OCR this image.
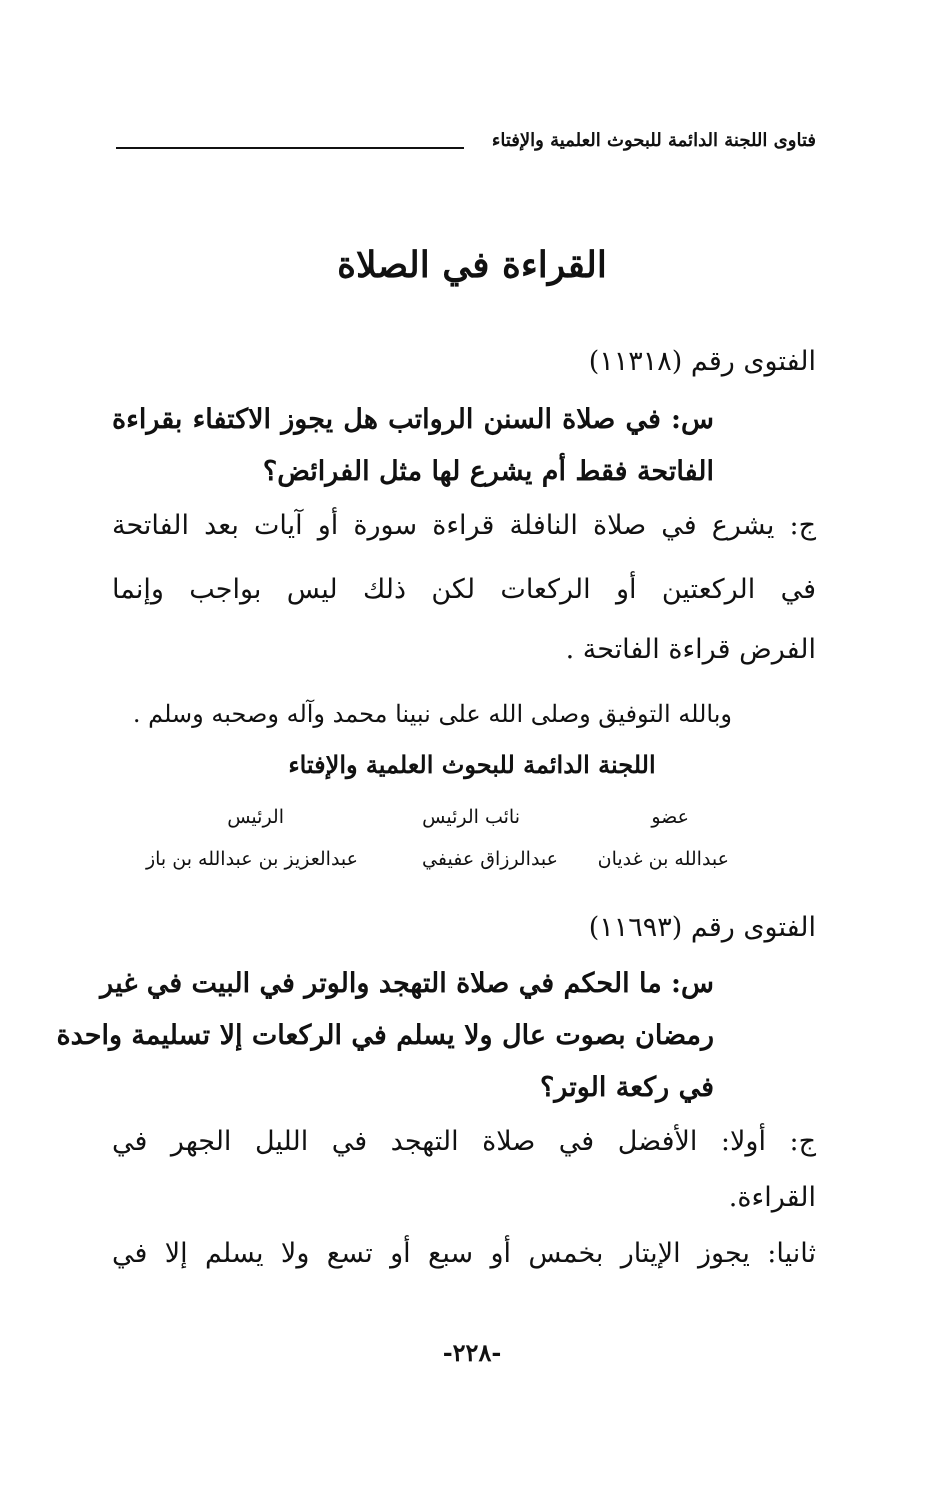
فتاوى اللجنة الدائمة للبحوث العلمية والإفتاء
القراءة في الصلاة
الفتوى رقم (١١٣١٨)
س: في صلاة السنن الرواتب هل يجوز الاكتفاء بقراءة
الفاتحة فقط أم يشرع لها مثل الفرائض؟
ج: يشرع في صلاة النافلة قراءة سورة أو آيات بعد الفاتحة
في الركعتين أو الركعات لكن ذلك ليس بواجب وإنما
الفرض قراءة الفاتحة .
وبالله التوفيق وصلى الله على نبينا محمد وآله وصحبه وسلم .
اللجنة الدائمة للبحوث العلمية والإفتاء
عضو
عبدالله بن غديان
نائب الرئيس
عبدالرزاق عفيفي
الرئيس
عبدالعزيز بن عبدالله بن باز
الفتوى رقم (١١٦٩٣)
س: ما الحكم في صلاة التهجد والوتر في البيت في غير
رمضان بصوت عال ولا يسلم في الركعات إلا تسليمة واحدة
في ركعة الوتر؟
ج: أولا: الأفضل في صلاة التهجد في الليل الجهر في
القراءة.
ثانيا: يجوز الإيتار بخمس أو سبع أو تسع ولا يسلم إلا في
-٢٢٨-
